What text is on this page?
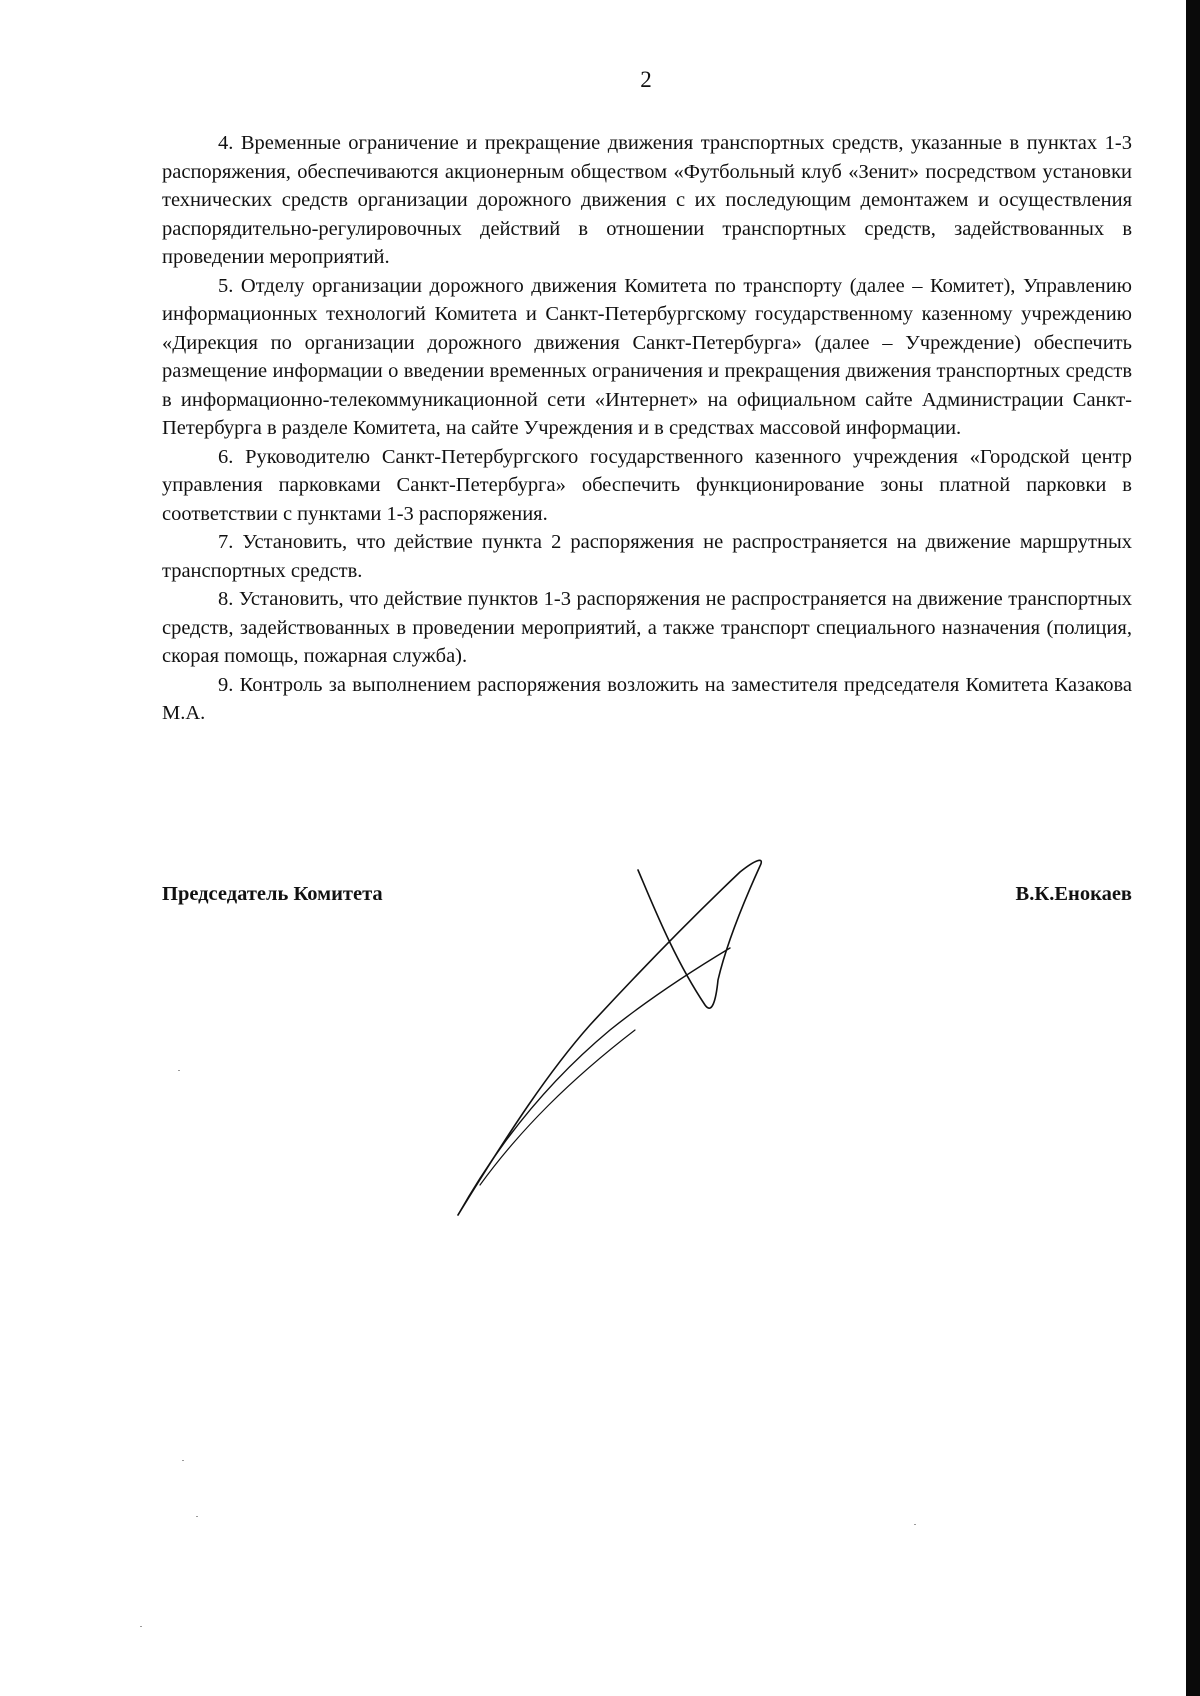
2

4. Временные ограничение и прекращение движения транспортных средств, указанные в пунктах 1-3 распоряжения, обеспечиваются акционерным обществом «Футбольный клуб «Зенит» посредством установки технических средств организации дорожного движения с их последующим демонтажем и осуществления распорядительно-регулировочных действий в отношении транспортных средств, задействованных в проведении мероприятий.

5. Отделу организации дорожного движения Комитета по транспорту (далее – Комитет), Управлению информационных технологий Комитета и Санкт-Петербургскому государственному казенному учреждению «Дирекция по организации дорожного движения Санкт-Петербурга» (далее – Учреждение) обеспечить размещение информации о введении временных ограничения и прекращения движения транспортных средств в информационно-телекоммуникационной сети «Интернет» на официальном сайте Администрации Санкт-Петербурга в разделе Комитета, на сайте Учреждения и в средствах массовой информации.

6. Руководителю Санкт-Петербургского государственного казенного учреждения «Городской центр управления парковками Санкт-Петербурга» обеспечить функционирование зоны платной парковки в соответствии с пунктами 1-3 распоряжения.

7. Установить, что действие пункта 2 распоряжения не распространяется на движение маршрутных транспортных средств.

8. Установить, что действие пунктов 1-3 распоряжения не распространяется на движение транспортных средств, задействованных в проведении мероприятий, а также транспорт специального назначения (полиция, скорая помощь, пожарная служба).

9. Контроль за выполнением распоряжения возложить на заместителя председателя Комитета Казакова М.А.

Председатель Комитета	В.К.Енокаев
